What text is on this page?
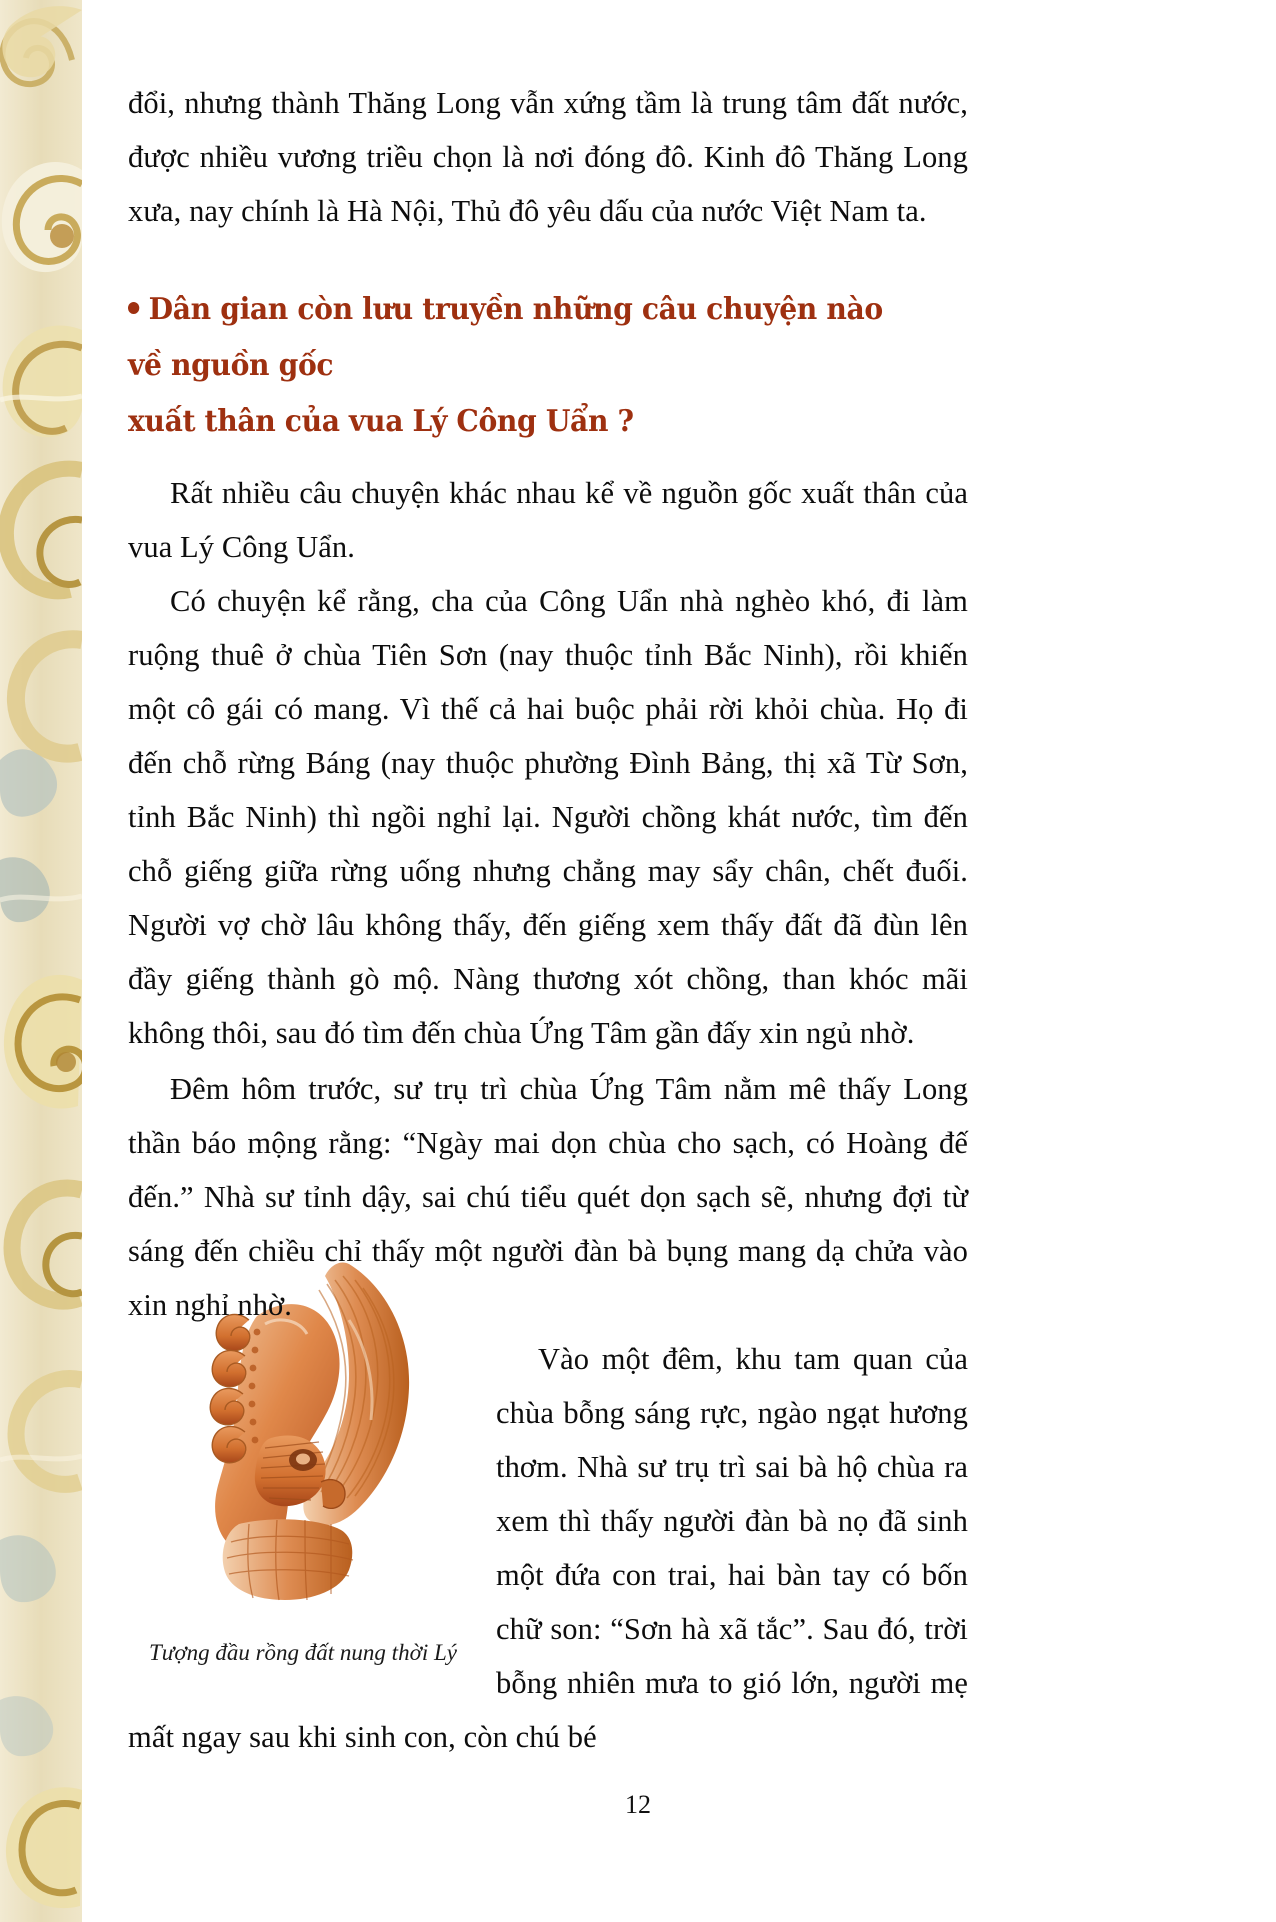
đổi, nhưng thành Thăng Long vẫn xứng tầm là trung tâm đất nước, được nhiều vương triều chọn là nơi đóng đô. Kinh đô Thăng Long xưa, nay chính là Hà Nội, Thủ đô yêu dấu của nước Việt Nam ta.

Dân gian còn lưu truyền những câu chuyện nào về nguồn gốc
xuất thân của vua Lý Công Uẩn ?

Rất nhiều câu chuyện khác nhau kể về nguồn gốc xuất thân của vua Lý Công Uẩn.

Có chuyện kể rằng, cha của Công Uẩn nhà nghèo khó, đi làm ruộng thuê ở chùa Tiên Sơn (nay thuộc tỉnh Bắc Ninh), rồi khiến một cô gái có mang. Vì thế cả hai buộc phải rời khỏi chùa. Họ đi đến chỗ rừng Báng (nay thuộc phường Đình Bảng, thị xã Từ Sơn, tỉnh Bắc Ninh) thì ngồi nghỉ lại. Người chồng khát nước, tìm đến chỗ giếng giữa rừng uống nhưng chẳng may sẩy chân, chết đuối. Người vợ chờ lâu không thấy, đến giếng xem thấy đất đã đùn lên đầy giếng thành gò mộ. Nàng thương xót chồng, than khóc mãi không thôi, sau đó tìm đến chùa Ứng Tâm gần đấy xin ngủ nhờ.

Đêm hôm trước, sư trụ trì chùa Ứng Tâm nằm mê thấy Long thần báo mộng rằng: “Ngày mai dọn chùa cho sạch, có Hoàng đế đến.” Nhà sư tỉnh dậy, sai chú tiểu quét dọn sạch sẽ, nhưng đợi từ sáng đến chiều chỉ thấy một người đàn bà bụng mang dạ chửa vào xin nghỉ nhờ.

Tượng đầu rồng đất nung thời Lý

Vào một đêm, khu tam quan của chùa bỗng sáng rực, ngào ngạt hương thơm. Nhà sư trụ trì sai bà hộ chùa ra xem thì thấy người đàn bà nọ đã sinh một đứa con trai, hai bàn tay có bốn chữ son: “Sơn hà xã tắc”. Sau đó, trời bỗng nhiên mưa to gió lớn, người mẹ mất ngay sau khi sinh con, còn chú bé

12
